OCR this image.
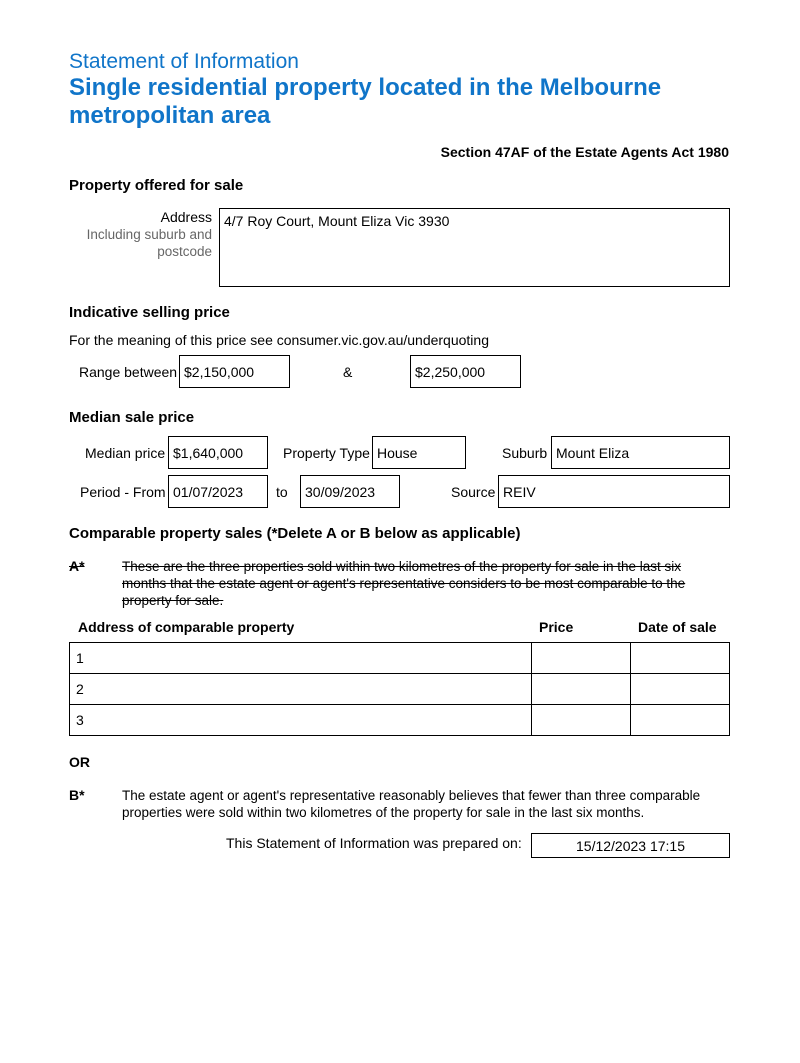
Statement of Information
Single residential property located in the Melbourne metropolitan area
Section 47AF of the Estate Agents Act 1980
Property offered for sale
Address
Including suburb and
postcode
4/7 Roy Court, Mount Eliza Vic 3930
Indicative selling price
For the meaning of this price see consumer.vic.gov.au/underquoting
Range between $2,150,000	&	$2,250,000
Median sale price
Median price $1,640,000	Property Type House	Suburb Mount Eliza
Period - From 01/07/2023	to	30/09/2023	Source REIV
Comparable property sales (*Delete A or B below as applicable)
A*	These are the three properties sold within two kilometres of the property for sale in the last six
months that the estate agent or agent's representative considers to be most comparable to the
property for sale.
Address of comparable property	Price	Date of sale
1		
2		
3		
OR
B*	The estate agent or agent's representative reasonably believes that fewer than three comparable
properties were sold within two kilometres of the property for sale in the last six months.
This Statement of Information was prepared on:	15/12/2023 17:15
